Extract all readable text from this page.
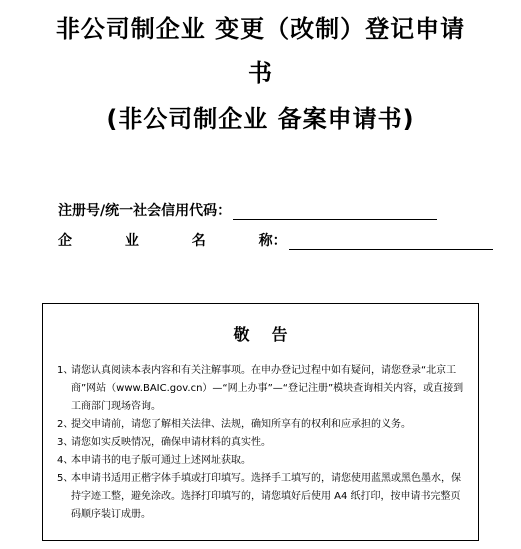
非公司制企业 变更（改制）登记申请
书
(非公司制企业 备案申请书)
注册号/统一社会信用代码：
企 业 名 称：
敬告
1、
请您认真阅读本表内容和有关注解事项。在申办登记过程中如有疑问，请您登录“北京工商”网站（www.BAIC.gov.cn）—“网上办事”—“登记注册”模块查询相关内容，或直接到工商部门现场咨询。
2、
提交申请前，请您了解相关法律、法规，确知所享有的权利和应承担的义务。
3、
请您如实反映情况，确保申请材料的真实性。
4、
本申请书的电子版可通过上述网址获取。
5、
本申请书适用正楷字体手填或打印填写。选择手工填写的，请您使用蓝黑或黑色墨水，保持字迹工整，避免涂改。选择打印填写的，请您填好后使用 A4 纸打印，按申请书完整页码顺序装订成册。
